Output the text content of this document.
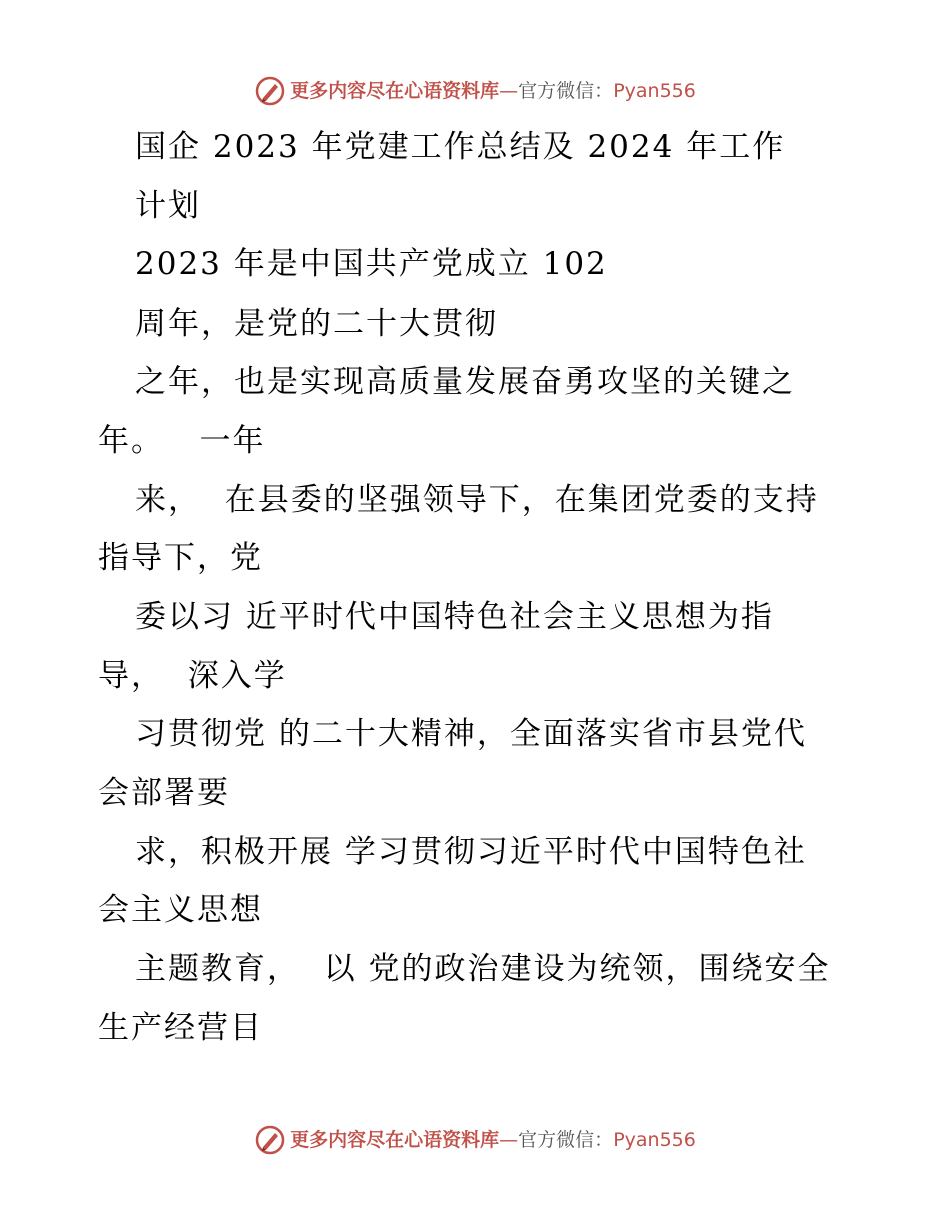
更多内容尽在心语资料库 — 官方微信： Pyan556
国企 2023 年党建工作总结及 2024 年工作
计划
2023 年是中国共产党成立 102
周年，是党的二十大贯彻
之年，也是实现高质量发展奋勇攻坚的关键之
年。   一年
来，  在县委的坚强领导下，在集团党委的支持
指导下，党
委以习 近平时代中国特色社会主义思想为指
导，  深入学
习贯彻党 的二十大精神，全面落实省市县党代
会部署要
求，积极开展 学习贯彻习近平时代中国特色社
会主义思想
主题教育，  以 党的政治建设为统领，围绕安全
生产经营目
更多内容尽在心语资料库 — 官方微信： Pyan556
